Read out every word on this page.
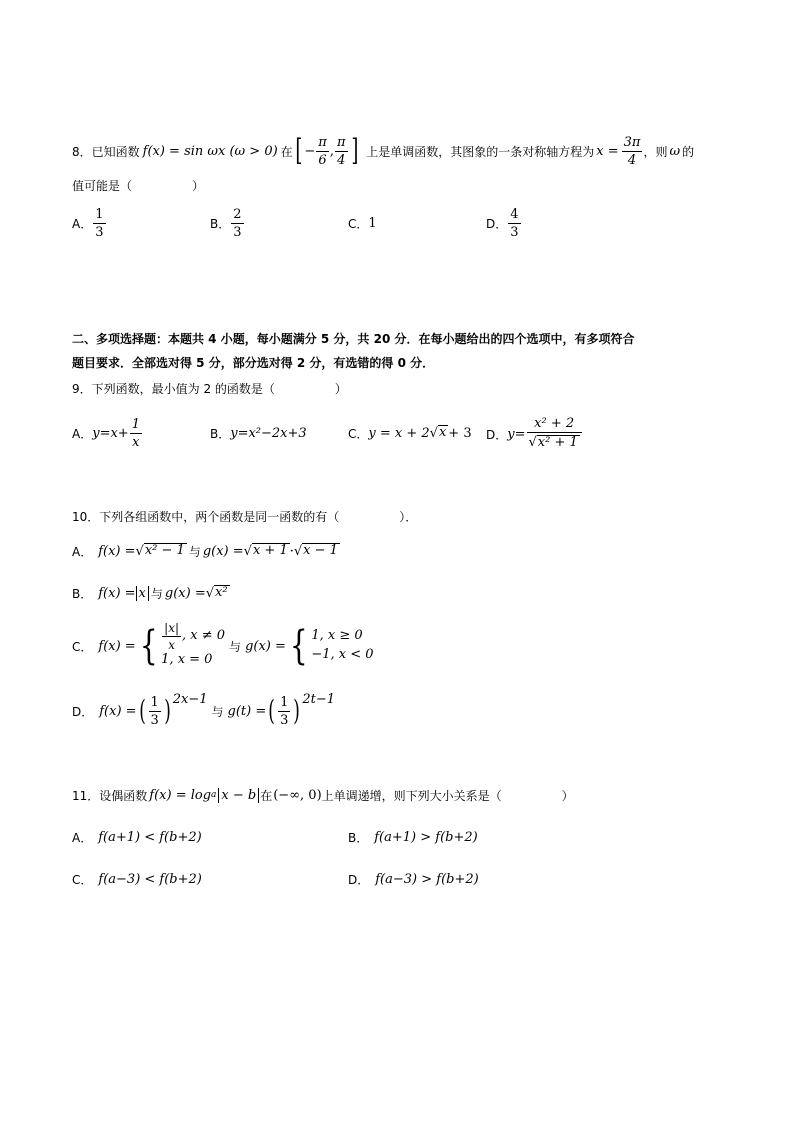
8．已知函数 f(x) = sin ωx (ω > 0) 在 [ − $\frac{\pi}{6}$ , $\frac{\pi}{4}$ ] 上是单调函数，其图象的一条对称轴方程为 $x = \frac{3\pi}{4}$ ，则 ω 的
值可能是（　　　　　）
A． $\frac{1}{3}$	B． $\frac{2}{3}$	C． 1	D． $\frac{4}{3}$
二、多项选择题：本题共 4 小题，每小题满分 5 分，共 20 分．在每小题给出的四个选项中，有多项符合
题目要求．全部选对得 5 分，部分选对得 2 分，有选错的得 0 分．
9．下列函数，最小值为 2 的函数是（　　　　　）
A． $y=x+ \frac{1}{x}$	B． y=x²−2x+3	C． y = x + 2 √ x + 3 D． $y= \frac{\text{x² + 2}}{\text{√x² + 1}}$
10．下列各组函数中，两个函数是同一函数的有（　　　　　）．
A． f(x) = √ x² − 1 与 g(x) = √ x + 1 · √ x − 1
B． f(x) = x 与 g(x) = √ x²
C． f(x) = { $\frac{|x|}{x}$ , x ≠ 0
1, x = 0
与 g(x) = { 1, x ≥ 0
−1, x < 0
D． f(x) = ( $\frac{1}{3}$ ) 2x−1
与 g(t) = ( $\frac{1}{3}$ ) 2t−1
11．设偶函数 f(x) = log a x − b 在 (−∞, 0) 上单调递增，则下列大小关系是（　　　　　）
A． f(a+1) < f(b+2)	B． f(a+1) > f(b+2)
C． f(a−3) < f(b+2)	D． f(a−3) > f(b+2)
